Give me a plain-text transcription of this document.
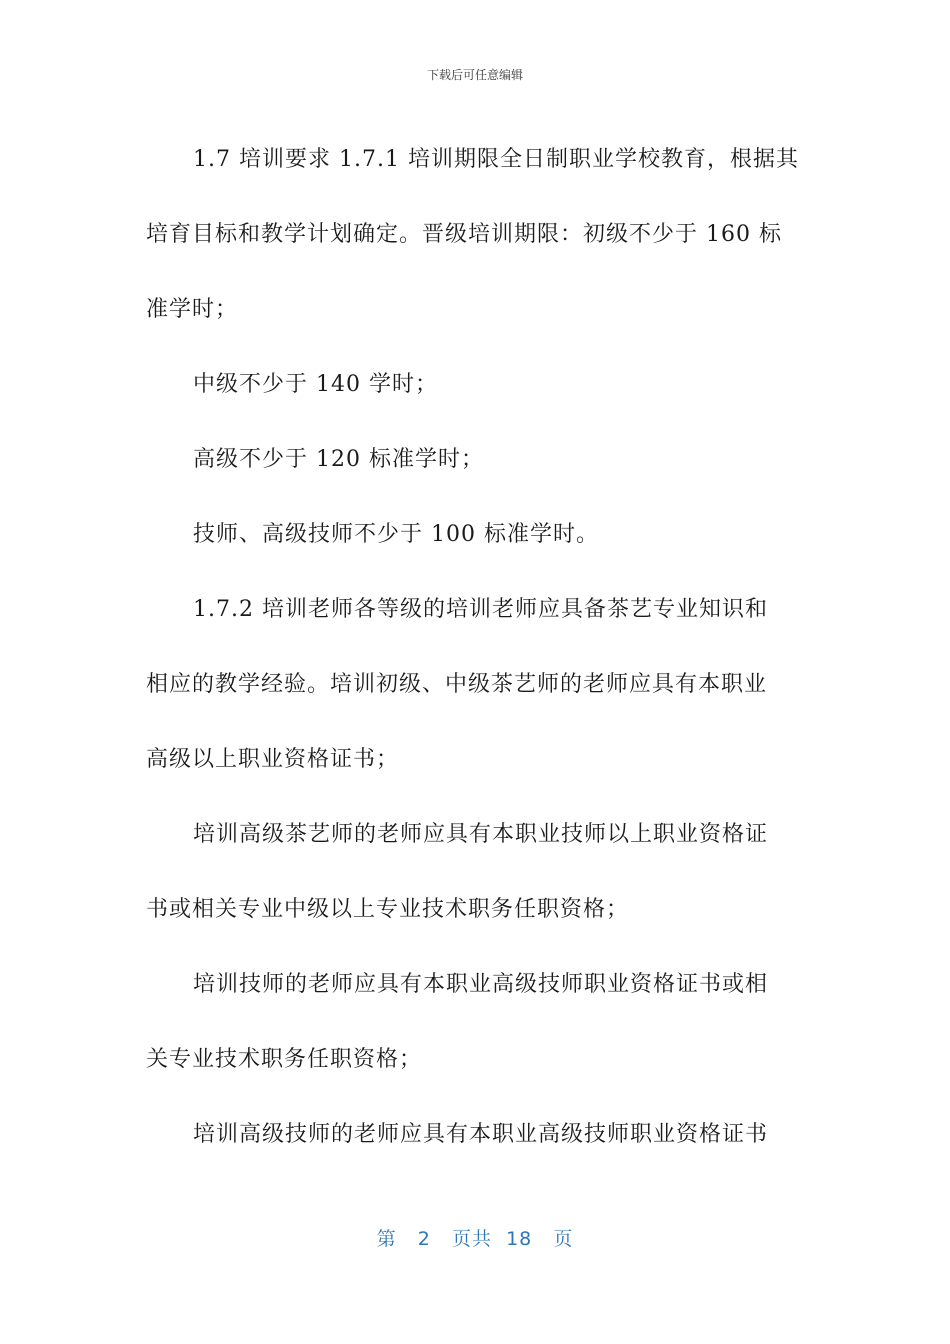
下载后可任意编辑
1.7 培训要求 1.7.1 培训期限全日制职业学校教育，根据其
培育目标和教学计划确定。晋级培训期限：初级不少于 160 标
准学时；
中级不少于 140 学时；
高级不少于 120 标准学时；
技师、高级技师不少于 100 标准学时。
1.7.2 培训老师各等级的培训老师应具备茶艺专业知识和
相应的教学经验。培训初级、中级茶艺师的老师应具有本职业
高级以上职业资格证书；
培训高级茶艺师的老师应具有本职业技师以上职业资格证
书或相关专业中级以上专业技术职务任职资格；
培训技师的老师应具有本职业高级技师职业资格证书或相
关专业技术职务任职资格；
培训高级技师的老师应具有本职业高级技师职业资格证书
第 2 页共 18 页
